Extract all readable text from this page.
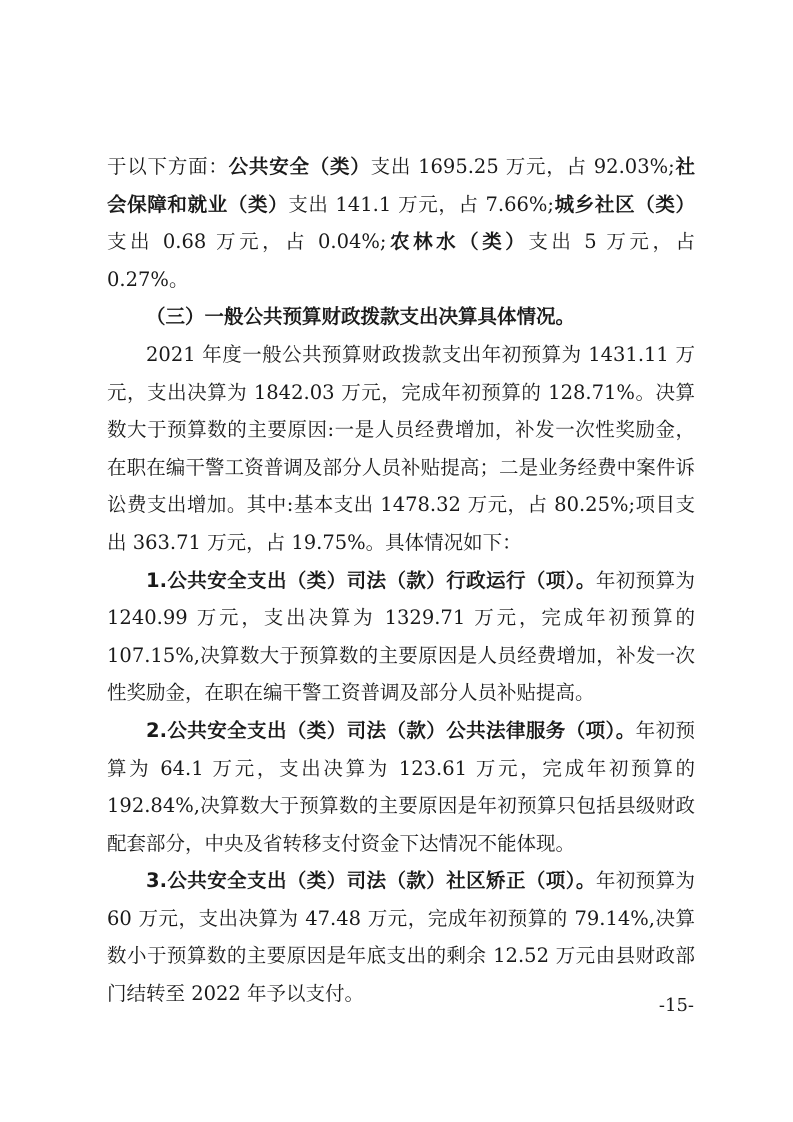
于以下方面：公共安全（类）支出 1695.25 万元，占 92.03%;社会保障和就业（类）支出 141.1 万元，占 7.66%;城乡社区（类）支出 0.68 万元，占 0.04%;农林水（类）支出 5 万元，占 0.27%。

（三）一般公共预算财政拨款支出决算具体情况。

2021 年度一般公共预算财政拨款支出年初预算为 1431.11 万元，支出决算为 1842.03 万元，完成年初预算的 128.71%。决算数大于预算数的主要原因:一是人员经费增加，补发一次性奖励金，在职在编干警工资普调及部分人员补贴提高；二是业务经费中案件诉讼费支出增加。其中:基本支出 1478.32 万元，占 80.25%;项目支出 363.71 万元，占 19.75%。具体情况如下：

1.公共安全支出（类）司法（款）行政运行（项）。年初预算为 1240.99 万元，支出决算为 1329.71 万元，完成年初预算的 107.15%,决算数大于预算数的主要原因是人员经费增加，补发一次性奖励金，在职在编干警工资普调及部分人员补贴提高。

2.公共安全支出（类）司法（款）公共法律服务（项）。年初预算为 64.1 万元，支出决算为 123.61 万元，完成年初预算的 192.84%,决算数大于预算数的主要原因是年初预算只包括县级财政配套部分，中央及省转移支付资金下达情况不能体现。

3.公共安全支出（类）司法（款）社区矫正（项）。年初预算为 60 万元，支出决算为 47.48 万元，完成年初预算的 79.14%,决算数小于预算数的主要原因是年底支出的剩余 12.52 万元由县财政部门结转至 2022 年予以支付。

-15-
